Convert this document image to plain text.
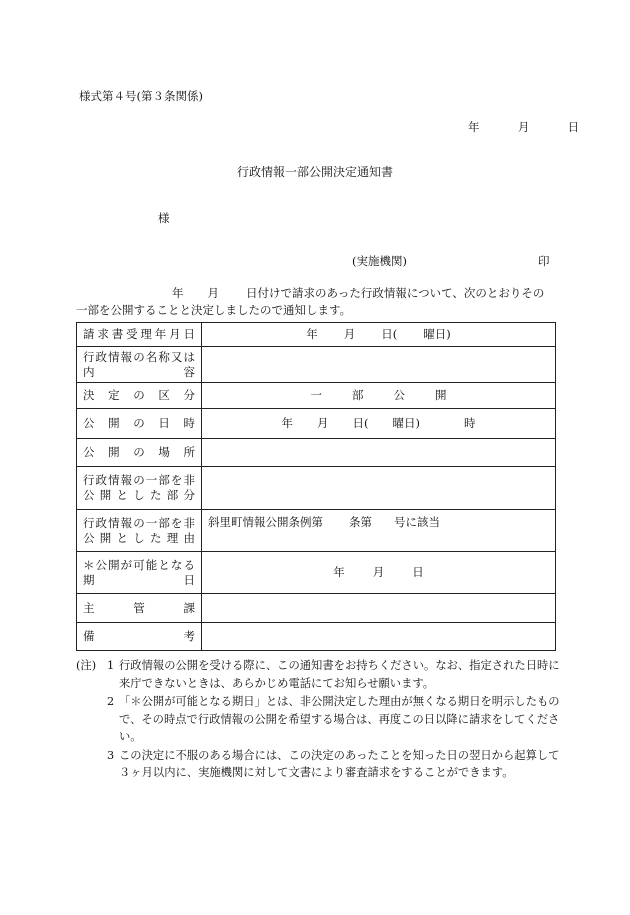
様式第４号(第３条関係)
年	月	日
行政情報一部公開決定通知書
様
(実施機関)	印
年 月 日付けで請求のあった行政情報について、次のとおりその
一部を公開することと決定しましたので通知します。
請求書受理年月日	年 月 日( 曜日)

行政情報の名称又は
内　　　　　　　容	

決定の区分	一 部 公 開

公開の日時	年 月 日( 曜日) 時

公開の場所	

行政情報の一部を非
公開とした部分	

行政情報の一部を非
公開とした理由	斜里町情報公開条例第 条第 号に該当

＊公開が可能となる
期　　　　　　　日	年 月 日

主管課	

備考	

(注) 1 行政情報の公開を受ける際に、この通知書をお持ちください。なお、指定された日時に来庁できないときは、あらかじめ電話にてお知らせ願います。
2 「＊公開が可能となる期日」とは、非公開決定した理由が無くなる期日を明示したもので、その時点で行政情報の公開を希望する場合は、再度この日以降に請求をしてください。
3 この決定に不服のある場合には、この決定のあったことを知った日の翌日から起算して３ヶ月以内に、実施機関に対して文書により審査請求をすることができます。
